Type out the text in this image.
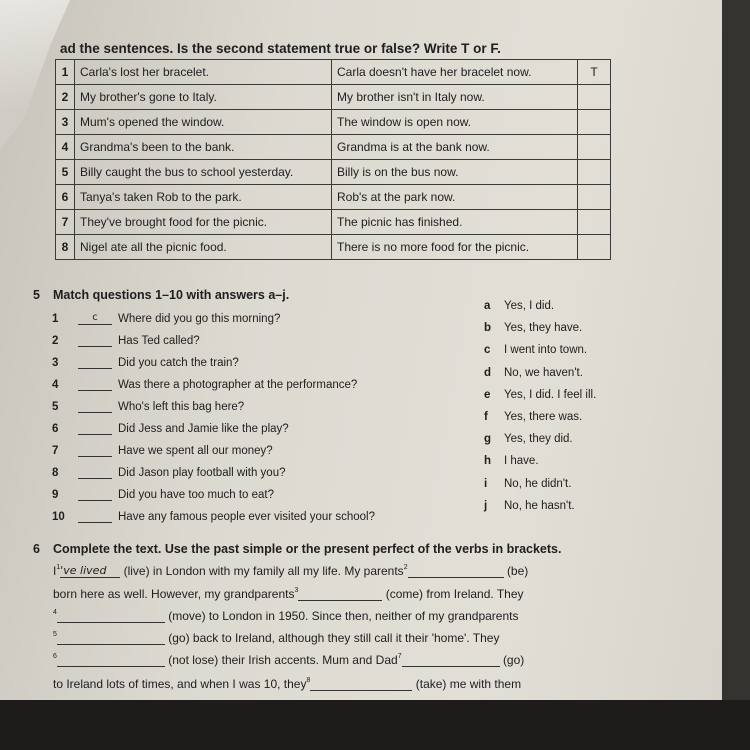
ad the sentences. Is the second statement true or false? Write T or F.
1	Carla's lost her bracelet.	Carla doesn't have her bracelet now.	T
2	My brother's gone to Italy.	My brother isn't in Italy now.	
3	Mum's opened the window.	The window is open now.	
4	Grandma's been to the bank.	Grandma is at the bank now.	
5	Billy caught the bus to school yesterday.	Billy is on the bus now.	
6	Tanya's taken Rob to the park.	Rob's at the park now.	
7	They've brought food for the picnic.	The picnic has finished.	
8	Nigel ate all the picnic food.	There is no more food for the picnic.	
5 Match questions 1–10 with answers a–j.
1	c Where did you go this morning?
2	Has Ted called?
3	Did you catch the train?
4	Was there a photographer at the performance?
5	Who's left this bag here?
6	Did Jess and Jamie like the play?
7	Have we spent all our money?
8	Did Jason play football with you?
9	Did you have too much to eat?
10	Have any famous people ever visited your school?
a Yes, I did.
b Yes, they have.
c I went into town.
d No, we haven't.
e Yes, I did. I feel ill.
f Yes, there was.
g Yes, they did.
h I have.
i No, he didn't.
j No, he hasn't.
6 Complete the text. Use the past simple or the present perfect of the verbs in brackets.
$I^1've$ lived (live) in London with my family all my life. My parents$^2$	(be)
born here as well. However, my grandparents$^3$	(come) from Ireland. They
$^4$	(move) to London in 1950. Since then, neither of my grandparents
$^5$	(go) back to Ireland, although they still call it their 'home'. They
$^6$	(not lose) their Irish accents. Mum and Dad$^7$	(go)
to Ireland lots of times, and when I was 10, they$^8$	(take) me with them
for the first time.
